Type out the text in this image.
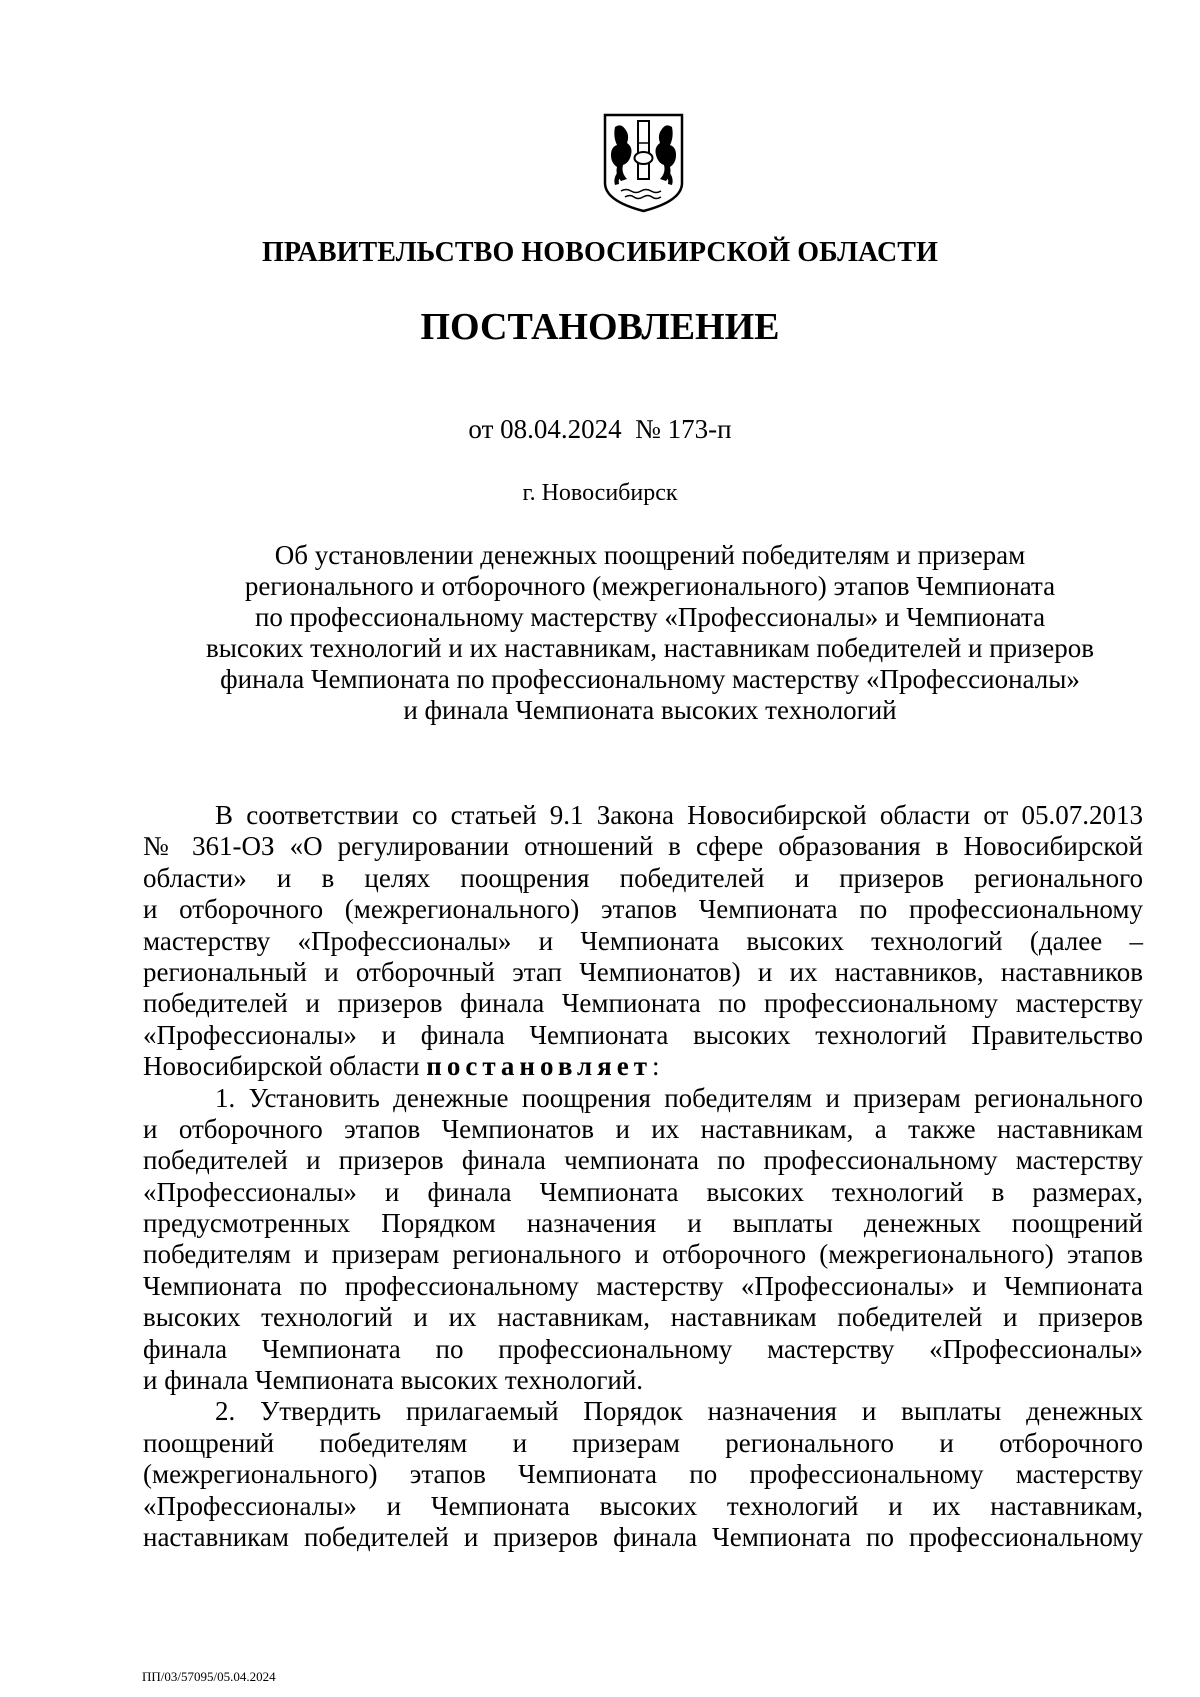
ПРАВИТЕЛЬСТВО НОВОСИБИРСКОЙ ОБЛАСТИ
ПОСТАНОВЛЕНИЕ
от 08.04.2024  № 173-п
г. Новосибирск
Об установлении денежных поощрений победителям и призерам
регионального и отборочного (межрегионального) этапов Чемпионата
по профессиональному мастерству «Профессионалы» и Чемпионата
высоких технологий и их наставникам, наставникам победителей и призеров
финала Чемпионата по профессиональному мастерству «Профессионалы»
и финала Чемпионата высоких технологий
В соответствии со статьей 9.1 Закона Новосибирской области от 05.07.2013
№ 361-ОЗ «О регулировании отношений в сфере образования в Новосибирской
области» и в целях поощрения победителей и призеров регионального
и отборочного (межрегионального) этапов Чемпионата по профессиональному
мастерству «Профессионалы» и Чемпионата высоких технологий (далее –
региональный и отборочный этап Чемпионатов) и их наставников, наставников
победителей и призеров финала Чемпионата по профессиональному мастерству
«Профессионалы» и финала Чемпионата высоких технологий Правительство
Новосибирской области постановляет:
1. Установить денежные поощрения победителям и призерам регионального
и отборочного этапов Чемпионатов и их наставникам, а также наставникам
победителей и призеров финала чемпионата по профессиональному мастерству
«Профессионалы» и финала Чемпионата высоких технологий в размерах,
предусмотренных Порядком назначения и выплаты денежных поощрений
победителям и призерам регионального и отборочного (межрегионального) этапов
Чемпионата по профессиональному мастерству «Профессионалы» и Чемпионата
высоких технологий и их наставникам, наставникам победителей и призеров
финала Чемпионата по профессиональному мастерству «Профессионалы»
и финала Чемпионата высоких технологий.
2. Утвердить прилагаемый Порядок назначения и выплаты денежных
поощрений победителям и призерам регионального и отборочного
(межрегионального) этапов Чемпионата по профессиональному мастерству
«Профессионалы» и Чемпионата высоких технологий и их наставникам,
наставникам победителей и призеров финала Чемпионата по профессиональному
ПП/03/57095/05.04.2024
